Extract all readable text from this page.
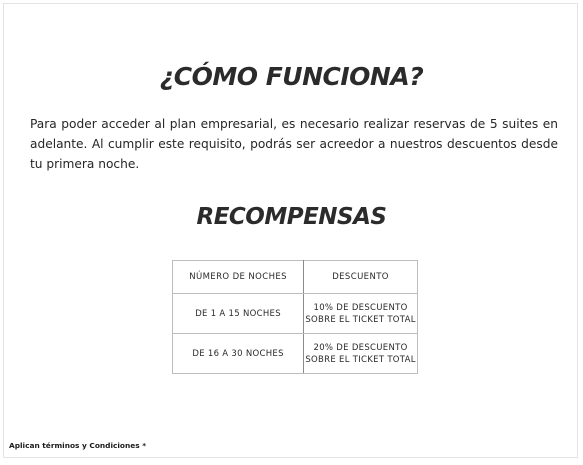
¿CÓMO FUNCIONA?
Para poder acceder al plan empresarial, es necesario realizar reservas de 5 suites en adelante. Al cumplir este requisito, podrás ser acreedor a nuestros descuentos desde tu primera noche.
RECOMPENSAS
NÚMERO DE NOCHES	DESCUENTO
DE 1 A 15 NOCHES	10% DE DESCUENTO
SOBRE EL TICKET TOTAL

DE 16 A 30 NOCHES	20% DE DESCUENTO
SOBRE EL TICKET TOTAL
Aplican términos y Condiciones *
